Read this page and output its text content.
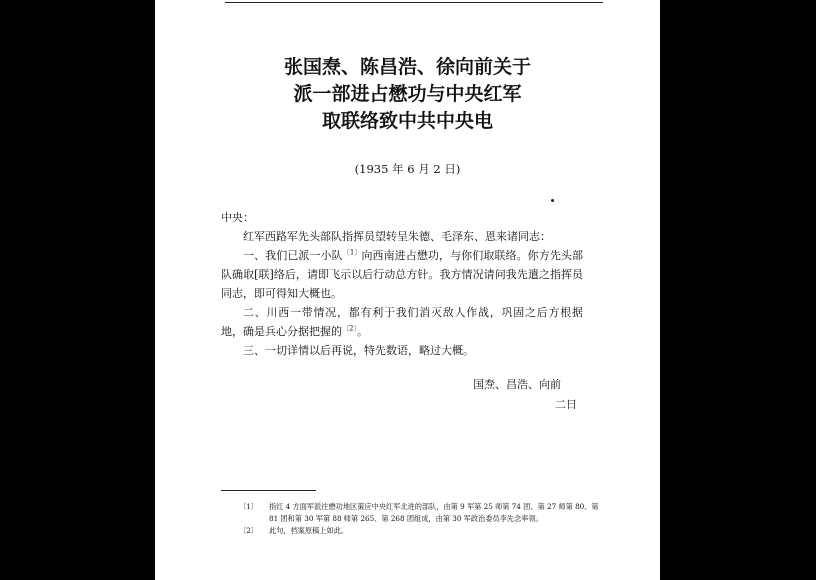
张国焘、陈昌浩、徐向前关于
派一部进占懋功与中央红军
取联络致中共中央电
(1935 年 6 月 2 日)
中央：
红军西路军先头部队指挥员望转呈朱德、毛泽东、恩来诸同志：
一、我们已派一小队$^{〔1〕}$向西南进占懋功，与你们取联络。你方先头部队确取[联]络后，请即飞示以后行动总方针。我方情况请问我先遣之指挥员同志，即可得知大概也。
二、川西一带情况，都有利于我们消灭敌人作战，巩固之后方根据地，确是兵心分据把握的$^{〔2〕}$。
三、一切详情以后再说，特先数语，略过大概。
国焘、昌浩、向前
二日
〔1〕 指红 4 方面军派往懋功地区策应中央红军北进的部队，由第 9 军第 25 师第 74 团、第 27 师第 80、第 81 团和第 30 军第 88 师第 265、第 268 团组成，由第 30 军政治委员李先念率领。
〔2〕 此句，档案原稿上如此。
